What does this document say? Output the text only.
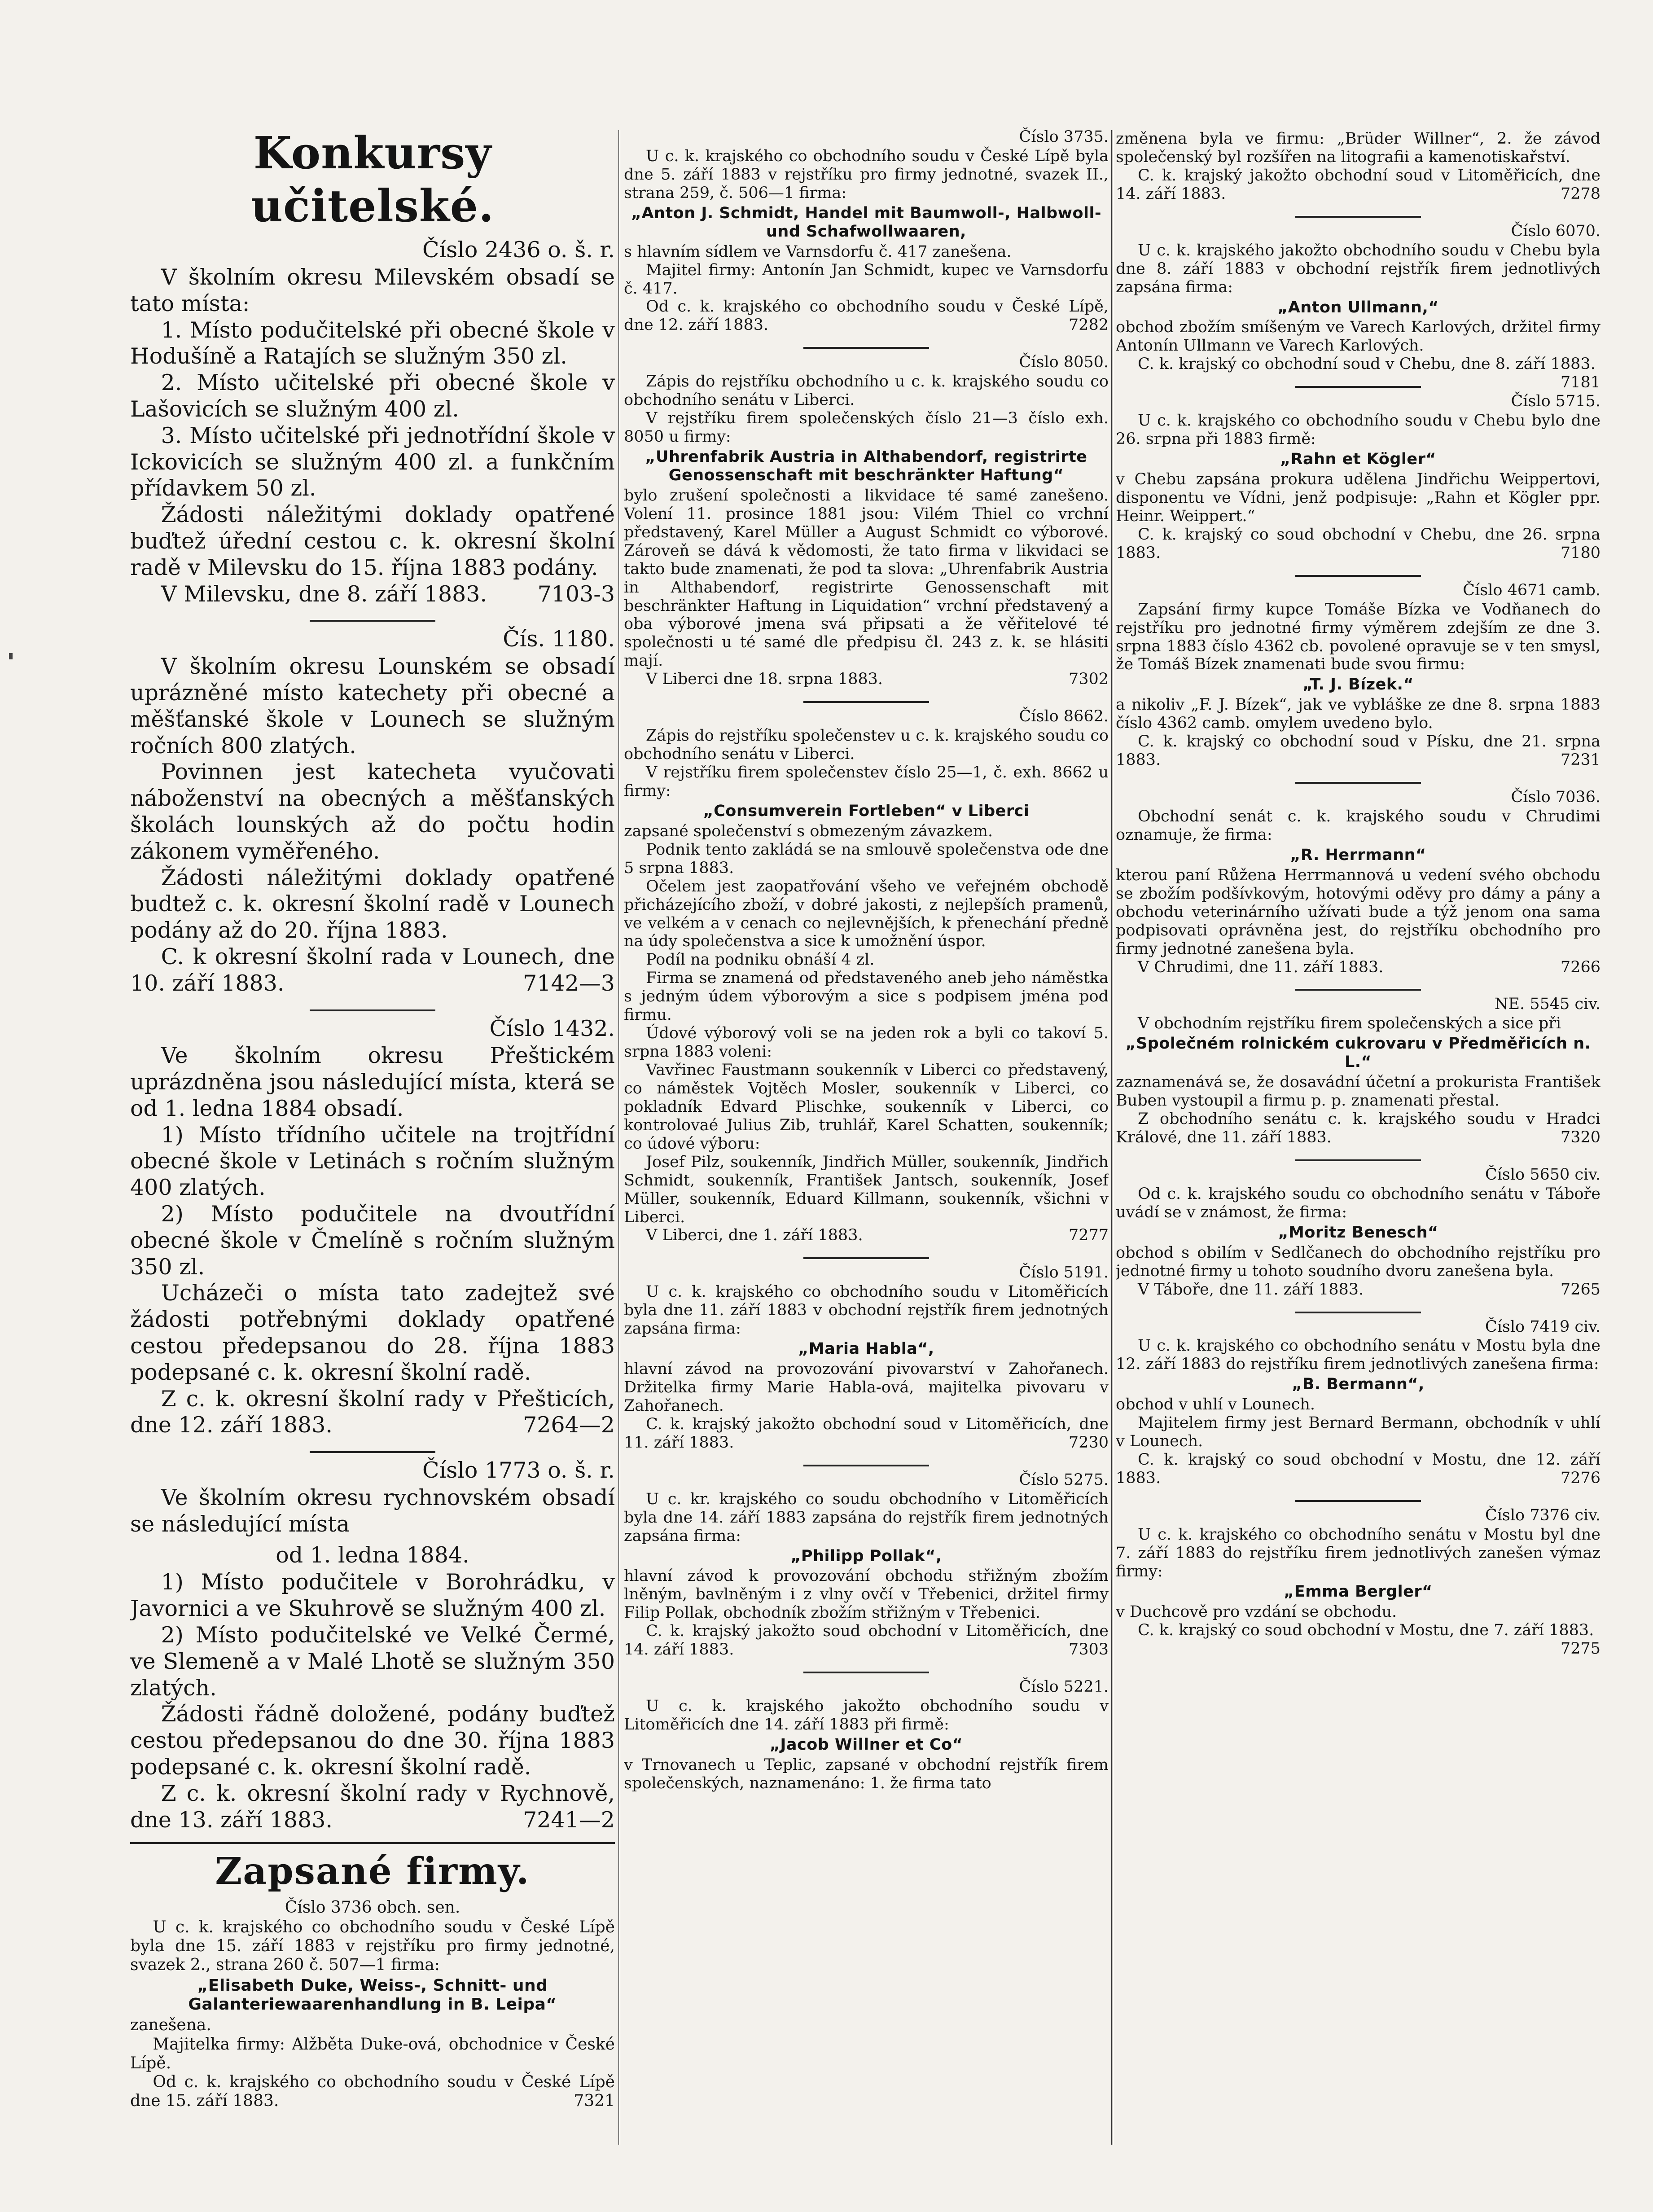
Konkursy učitelské.
Číslo 2436 o. š. r.

V školním okresu Milevském obsadí se tato místa:

1. Místo podučitelské při obecné škole v Hodušíně a Ratajích se služným 350 zl.

2. Místo učitelské při obecné škole v Lašovicích se služným 400 zl.

3. Místo učitelské při jednotřídní škole v Ickovicích se služným 400 zl. a funkčním přídavkem 50 zl.

Žádosti náležitými doklady opatřené buďtež úřední cestou c. k. okresní školní radě v Milevsku do 15. října 1883 podány.

V Milevsku, dne 8. září 1883.	7103-3
Čís. 1180.

V školním okresu Lounském se obsadí uprázněné místo katechety při obecné a měšťanské škole v Lounech se služným ročních 800 zlatých.

Povinnen jest katecheta vyučovati náboženství na obecných a měšťanských školách lounských až do počtu hodin zákonem vyměřeného.

Žádosti náležitými doklady opatřené budtež c. k. okresní školní radě v Lounech podány až do 20. října 1883.

C. k okresní školní rada v Lounech, dne 10. září 1883.	7142—3
Číslo 1432.

Ve školním okresu Přeštickém uprázdněna jsou následující místa, která se od 1. ledna 1884 obsadí.

1) Místo třídního učitele na trojtřídní obecné škole v Letinách s ročním služným 400 zlatých.

2) Místo podučitele na dvoutřídní obecné škole v Čmelíně s ročním služným 350 zl.

Ucházeči o místa tato zadejtež své žádosti potřebnými doklady opatřené cestou předepsanou do 28. října 1883 podepsané c. k. okresní školní radě.

Z c. k. okresní školní rady v Přešticích, dne 12. září 1883.	7264—2
Číslo 1773 o. š. r.

Ve školním okresu rychnovském obsadí se následující místa

od 1. ledna 1884.

1) Místo podučitele v Borohrádku, v Javornici a ve Skuhrově se služným 400 zl.

2) Místo podučitelské ve Velké Čermé, ve Slemeně a v Malé Lhotě se služným 350 zlatých.

Žádosti řádně doložené, podány buďtež cestou předepsanou do dne 30. října 1883 podepsané c. k. okresní školní radě.

Z c. k. okresní školní rady v Rychnově, dne 13. září 1883.	7241—2
Zapsané firmy.
Číslo 3736 obch. sen.

U c. k. krajského co obchodního soudu v České Lípě byla dne 15. září 1883 v rejstříku pro firmy jednotné, svazek 2., strana 260 č. 507—1 firma:

„Elisabeth Duke, Weiss-, Schnitt- und Galanteriewaarenhandlung in B. Leipa“

zanešena.

Majitelka firmy: Alžběta Duke-ová, obchodnice v České Lípě.

Od c. k. krajského co obchodního soudu v České Lípě dne 15. září 1883.	7321
Číslo 3735.

U c. k. krajského co obchodního soudu v České Lípě byla dne 5. září 1883 v rejstříku pro firmy jednotné, svazek II., strana 259, č. 506—1 firma:

„Anton J. Schmidt, Handel mit Baumwoll-, Halbwoll- und Schafwollwaaren,

s hlavním sídlem ve Varnsdorfu č. 417 zanešena.

Majitel firmy: Antonín Jan Schmidt, kupec ve Varnsdorfu č. 417.

Od c. k. krajského co obchodního soudu v České Lípě, dne 12. září 1883.	7282
Číslo 8050.

Zápis do rejstříku obchodního u c. k. krajského soudu co obchodního senátu v Liberci.

V rejstříku firem společenských číslo 21—3 číslo exh. 8050 u firmy:

„Uhrenfabrik Austria in Althabendorf, registrirte Genossenschaft mit beschränkter Haftung“

bylo zrušení společnosti a likvidace té samé zanešeno. Volení 11. prosince 1881 jsou: Vilém Thiel co vrchní představený, Karel Müller a August Schmidt co výborové. Zároveň se dává k vědomosti, že tato firma v likvidaci se takto bude znamenati, že pod ta slova: „Uhrenfabrik Austria in Althabendorf, registrirte Genossenschaft mit beschränkter Haftung in Liquidation“ vrchní představený a oba výborové jmena svá připsati a že věřitelové té společnosti u té samé dle předpisu čl. 243 z. k. se hlásiti mají.

V Liberci dne 18. srpna 1883.	7302
Číslo 8662.

Zápis do rejstříku společenstev u c. k. krajského soudu co obchodního senátu v Liberci.

V rejstříku firem společenstev číslo 25—1, č. exh. 8662 u firmy:

„Consumverein Fortleben“ v Liberci

zapsané společenství s obmezeným závazkem.

Podnik tento zakládá se na smlouvě společenstva ode dne 5 srpna 1883.

Očelem jest zaopatřování všeho ve veřejném obchodě přicházejícího zboží, v dobré jakosti, z nejlepších pramenů, ve velkém a v cenach co nejlevnějších, k přenechání předně na údy společenstva a sice k umožnění úspor.

Podíl na podniku obnáší 4 zl.

Firma se znamená od představeného aneb jeho náměstka s jedným údem výborovým a sice s podpisem jména pod firmu.

Údové výborový voli se na jeden rok a byli co takoví 5. srpna 1883 voleni:

Vavřinec Faustmann soukenník v Liberci co představený, co náměstek Vojtěch Mosler, soukenník v Liberci, co pokladník Edvard Plischke, soukenník v Liberci, co kontrolovaé Julius Zib, truhlář, Karel Schatten, soukenník; co údové výboru:

Josef Pilz, soukenník, Jindřich Müller, soukenník, Jindřich Schmidt, soukenník, František Jantsch, soukenník, Josef Müller, soukenník, Eduard Killmann, soukenník, všichni v Liberci.

V Liberci, dne 1. září 1883.	7277
Číslo 5191.

U c. k. krajského co obchodního soudu v Litoměřicích byla dne 11. září 1883 v obchodní rejstřík firem jednotných zapsána firma:

„Maria Habla“,

hlavní závod na provozování pivovarství v Zahořanech. Držitelka firmy Marie Habla-ová, majitelka pivovaru v Zahořanech.

C. k. krajský jakožto obchodní soud v Litoměřicích, dne 11. září 1883.	7230
Číslo 5275.

U c. kr. krajského co soudu obchodního v Litoměřicích byla dne 14. září 1883 zapsána do rejstřík firem jednotných zapsána firma:

„Philipp Pollak“,

hlavní závod k provozování obchodu střižným zbožím lněným, bavlněným i z vlny ovčí v Třebenici, držitel firmy Filip Pollak, obchodník zbožím střižným v Třebenici.

C. k. krajský jakožto soud obchodní v Litoměřicích, dne 14. září 1883.	7303
Číslo 5221.

U c. k. krajského jakožto obchodního soudu v Litoměřicích dne 14. září 1883 při firmě:

„Jacob Willner et Co“

v Trnovanech u Teplic, zapsané v obchodní rejstřík firem společenských, naznamenáno: 1. že firma tato

změnena byla ve firmu: „Brüder Willner“, 2. že závod společenský byl rozšířen na litografii a kamenotiskařství.

C. k. krajský jakožto obchodní soud v Litoměřicích, dne 14. září 1883.	7278
Číslo 6070.

U c. k. krajského jakožto obchodního soudu v Chebu byla dne 8. září 1883 v obchodní rejstřík firem jednotlivých zapsána firma:

„Anton Ullmann,“

obchod zbožím smíšeným ve Varech Karlových, držitel firmy Antonín Ullmann ve Varech Karlových.

C. k. krajský co obchodní soud v Chebu, dne 8. září 1883.
7181
Číslo 5715.

U c. k. krajského co obchodního soudu v Chebu bylo dne 26. srpna při 1883 firmě:

„Rahn et Kögler“

v Chebu zapsána prokura udělena Jindřichu Weippertovi, disponentu ve Vídni, jenž podpisuje: „Rahn et Kögler ppr. Heinr. Weippert.“

C. k. krajský co soud obchodní v Chebu, dne 26. srpna 1883.	7180
Číslo 4671 camb.

Zapsání firmy kupce Tomáše Bízka ve Vodňanech do rejstříku pro jednotné firmy výměrem zdejším ze dne 3. srpna 1883 číslo 4362 cb. povolené opravuje se v ten smysl, že Tomáš Bízek znamenati bude svou firmu:

„T. J. Bízek.“

a nikoliv „F. J. Bízek“, jak ve vybláške ze dne 8. srpna 1883 číslo 4362 camb. omylem uvedeno bylo.

C. k. krajský co obchodní soud v Písku, dne 21. srpna 1883.	7231
Číslo 7036.

Obchodní senát c. k. krajského soudu v Chrudimi oznamuje, že firma:

„R. Herrmann“

kterou paní Růžena Herrmannová u vedení svého obchodu se zbožím podšívkovým, hotovými oděvy pro dámy a pány a obchodu veterinárního užívati bude a týž jenom ona sama podpisovati oprávněna jest, do rejstříku obchodního pro firmy jednotné zanešena byla.

V Chrudimi, dne 11. září 1883.	7266
NE. 5545 civ.

V obchodním rejstříku firem společenských a sice při

„Společném rolnickém cukrovaru v Předměřicích n. L.“

zaznamenává se, že dosavádní účetní a prokurista František Buben vystoupil a firmu p. p. znamenati přestal.

Z obchodního senátu c. k. krajského soudu v Hradci Králové, dne 11. září 1883.	7320
Číslo 5650 civ.

Od c. k. krajského soudu co obchodního senátu v Táboře uvádí se v známost, že firma:

„Moritz Benesch“

obchod s obilím v Sedlčanech do obchodního rejstříku pro jednotné firmy u tohoto soudního dvoru zanešena byla.

V Táboře, dne 11. září 1883.	7265
Číslo 7419 civ.

U c. k. krajského co obchodního senátu v Mostu byla dne 12. září 1883 do rejstříku firem jednotlivých zanešena firma:

„B. Bermann“,

obchod v uhlí v Lounech.

Majitelem firmy jest Bernard Bermann, obchodník v uhlí v Lounech.

C. k. krajský co soud obchodní v Mostu, dne 12. září 1883.	7276
Číslo 7376 civ.

U c. k. krajského co obchodního senátu v Mostu byl dne 7. září 1883 do rejstříku firem jednotlivých zanešen výmaz firmy:

„Emma Bergler“

v Duchcově pro vzdání se obchodu.

C. k. krajský co soud obchodní v Mostu, dne 7. září 1883.
7275
